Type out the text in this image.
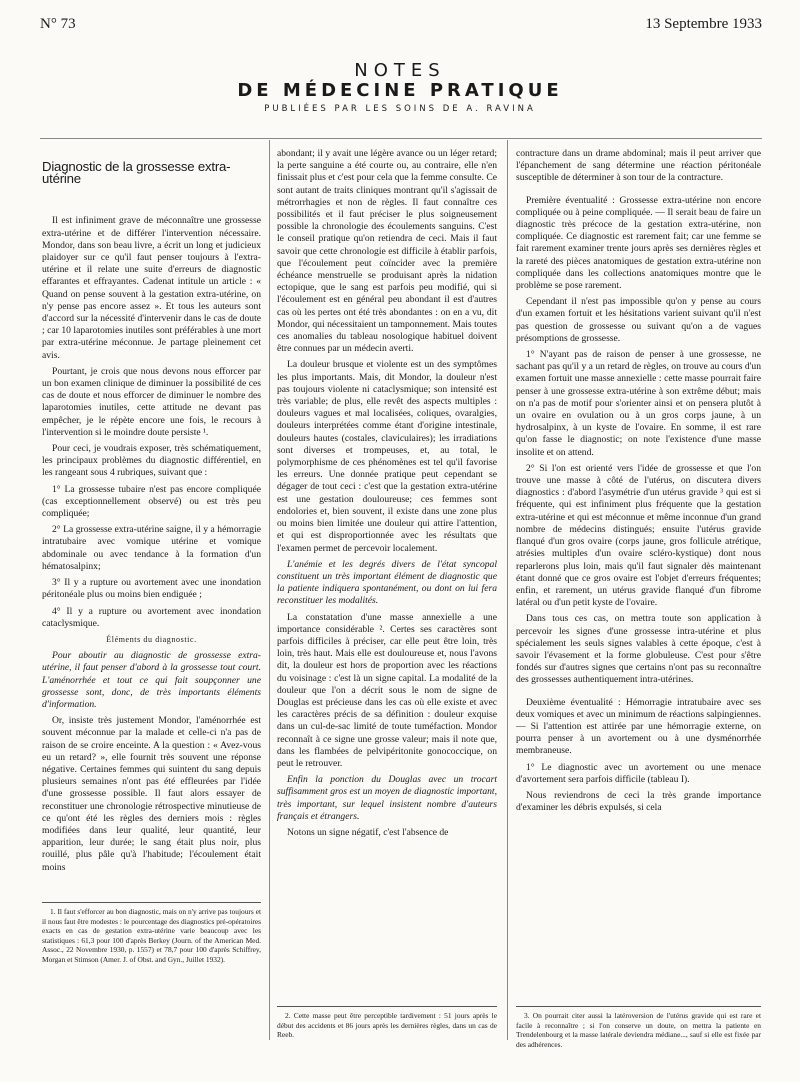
N° 73	13 Septembre 1933
NOTES
DE MÉDECINE PRATIQUE
PUBLIÉES PAR LES SOINS DE A. RAVINA
Diagnostic de la grossesse extra-utérine

Il est infiniment grave de méconnaître une grossesse extra-utérine et de différer l'intervention nécessaire. Mondor, dans son beau livre, a écrit un long et judicieux plaidoyer sur ce qu'il faut penser toujours à l'extra-utérine et il relate une suite d'erreurs de diagnostic effarantes et effrayantes. Cadenat intitule un article : « Quand on pense souvent à la gestation extra-utérine, on n'y pense pas encore assez ». Et tous les auteurs sont d'accord sur la nécessité d'intervenir dans le cas de doute ; car 10 laparotomies inutiles sont préférables à une mort par extra-utérine méconnue. Je partage pleinement cet avis.

Pourtant, je crois que nous devons nous efforcer par un bon examen clinique de diminuer la possibilité de ces cas de doute et nous efforcer de diminuer le nombre des laparotomies inutiles, cette attitude ne devant pas empêcher, je le répète encore une fois, le recours à l'intervention si le moindre doute persiste ¹.

Pour ceci, je voudrais exposer, très schématiquement, les principaux problèmes du diagnostic différentiel, en les rangeant sous 4 rubriques, suivant que :

1° La grossesse tubaire n'est pas encore compliquée (cas exceptionnellement observé) ou est très peu compliquée;

2° La grossesse extra-utérine saigne, il y a hémorragie intratubaire avec vomique utérine et vomique abdominale ou avec tendance à la formation d'un hématosalpinx;

3° Il y a rupture ou avortement avec une inondation péritonéale plus ou moins bien endiguée ;

4° Il y a rupture ou avortement avec inondation cataclysmique.

Éléments du diagnostic.

Pour aboutir au diagnostic de grossesse extra-utérine, il faut penser d'abord à la grossesse tout court. L'aménorrhée et tout ce qui fait soupçonner une grossesse sont, donc, de très importants éléments d'information.

Or, insiste très justement Mondor, l'aménorrhée est souvent méconnue par la malade et celle-ci n'a pas de raison de se croire enceinte. A la question : « Avez-vous eu un retard? », elle fournit très souvent une réponse négative. Certaines femmes qui suintent du sang depuis plusieurs semaines n'ont pas été effleurées par l'idée d'une grossesse possible. Il faut alors essayer de reconstituer une chronologie rétrospective minutieuse de ce qu'ont été les règles des derniers mois : règles modifiées dans leur qualité, leur quantité, leur apparition, leur durée; le sang était plus noir, plus rouillé, plus pâle qu'à l'habitude; l'écoulement était moins

abondant; il y avait une légère avance ou un léger retard; la perte sanguine a été courte ou, au contraire, elle n'en finissait plus et c'est pour cela que la femme consulte. Ce sont autant de traits cliniques montrant qu'il s'agissait de métrorrhagies et non de règles. Il faut connaître ces possibilités et il faut préciser le plus soigneusement possible la chronologie des écoulements sanguins. C'est le conseil pratique qu'on retiendra de ceci. Mais il faut savoir que cette chronologie est difficile à établir parfois, que l'écoulement peut coïncider avec la première échéance menstruelle se produisant après la nidation ectopique, que le sang est parfois peu modifié, qui si l'écoulement est en général peu abondant il est d'autres cas où les pertes ont été très abondantes : on en a vu, dit Mondor, qui nécessitaient un tamponnement. Mais toutes ces anomalies du tableau nosologique habituel doivent être connues par un médecin averti.

La douleur brusque et violente est un des symptômes les plus importants. Mais, dit Mondor, la douleur n'est pas toujours violente ni cataclysmique; son intensité est très variable; de plus, elle revêt des aspects multiples : douleurs vagues et mal localisées, coliques, ovaralgies, douleurs interprétées comme étant d'origine intestinale, douleurs hautes (costales, claviculaires); les irradiations sont diverses et trompeuses, et, au total, le polymorphisme de ces phénomènes est tel qu'il favorise les erreurs. Une donnée pratique peut cependant se dégager de tout ceci : c'est que la gestation extra-utérine est une gestation douloureuse; ces femmes sont endolories et, bien souvent, il existe dans une zone plus ou moins bien limitée une douleur qui attire l'attention, et qui est disproportionnée avec les résultats que l'examen permet de percevoir localement.

L'anémie et les degrés divers de l'état syncopal constituent un très important élément de diagnostic que la patiente indiquera spontanément, ou dont on lui fera reconstituer les modalités.

La constatation d'une masse annexielle a une importance considérable ². Certes ses caractères sont parfois difficiles à préciser, car elle peut être loin, très loin, très haut. Mais elle est douloureuse et, nous l'avons dit, la douleur est hors de proportion avec les réactions du voisinage : c'est là un signe capital. La modalité de la douleur que l'on a décrit sous le nom de signe de Douglas est précieuse dans les cas où elle existe et avec les caractères précis de sa définition : douleur exquise dans un cul-de-sac limité de toute tuméfaction. Mondor reconnaît à ce signe une grosse valeur; mais il note que, dans les flambées de pelvipéritonite gonococcique, on peut le retrouver.

Enfin la ponction du Douglas avec un trocart suffisamment gros est un moyen de diagnostic important, très important, sur lequel insistent nombre d'auteurs français et étrangers.

Notons un signe négatif, c'est l'absence de

contracture dans un drame abdominal; mais il peut arriver que l'épanchement de sang détermine une réaction péritonéale susceptible de déterminer à son tour de la contracture.

Première éventualité : Grossesse extra-utérine non encore compliquée ou à peine compliquée. — Il serait beau de faire un diagnostic très précoce de la gestation extra-utérine, non compliquée. Ce diagnostic est rarement fait; car une femme se fait rarement examiner trente jours après ses dernières règles et la rareté des pièces anatomiques de gestation extra-utérine non compliquée dans les collections anatomiques montre que le problème se pose rarement.

Cependant il n'est pas impossible qu'on y pense au cours d'un examen fortuit et les hésitations varient suivant qu'il n'est pas question de grossesse ou suivant qu'on a de vagues présomptions de grossesse.

1° N'ayant pas de raison de penser à une grossesse, ne sachant pas qu'il y a un retard de règles, on trouve au cours d'un examen fortuit une masse annexielle : cette masse pourrait faire penser à une grossesse extra-utérine à son extrême début; mais on n'a pas de motif pour s'orienter ainsi et on pensera plutôt à un ovaire en ovulation ou à un gros corps jaune, à un hydrosalpinx, à un kyste de l'ovaire. En somme, il est rare qu'on fasse le diagnostic; on note l'existence d'une masse insolite et on attend.

2° Si l'on est orienté vers l'idée de grossesse et que l'on trouve une masse à côté de l'utérus, on discutera divers diagnostics : d'abord l'asymétrie d'un utérus gravide ³ qui est si fréquente, qui est infiniment plus fréquente que la gestation extra-utérine et qui est méconnue et même inconnue d'un grand nombre de médecins distingués; ensuite l'utérus gravide flanqué d'un gros ovaire (corps jaune, gros follicule atrétique, atrésies multiples d'un ovaire scléro-kystique) dont nous reparlerons plus loin, mais qu'il faut signaler dès maintenant étant donné que ce gros ovaire est l'objet d'erreurs fréquentes; enfin, et rarement, un utérus gravide flanqué d'un fibrome latéral ou d'un petit kyste de l'ovaire.

Dans tous ces cas, on mettra toute son application à percevoir les signes d'une grossesse intra-utérine et plus spécialement les seuls signes valables à cette époque, c'est à savoir l'évasement et la forme globuleuse. C'est pour s'être fondés sur d'autres signes que certains n'ont pas su reconnaître des grossesses authentiquement intra-utérines.

Deuxième éventualité : Hémorragie intratubaire avec ses deux vomiques et avec un minimum de réactions salpingiennes. — Si l'attention est attirée par une hémorragie externe, on pourra penser à un avortement ou à une dysménorrhée membraneuse.

1° Le diagnostic avec un avortement ou une menace d'avortement sera parfois difficile (tableau I).

Nous reviendrons de ceci la très grande importance d'examiner les débris expulsés, si cela

1. Il faut s'efforcer au bon diagnostic, mais on n'y arrive pas toujours et il nous faut être modestes : le pourcentage des diagnostics pré-opératoires exacts en cas de gestation extra-utérine varie beaucoup avec les statistiques : 61,3 pour 100 d'après Berkey (Journ. of the American Med. Assoc., 22 Novembre 1930, p. 1557) et 78,7 pour 100 d'après Schiffrey, Morgan et Stimson (Amer. J. of Obst. and Gyn., Juillet 1932).

2. Cette masse peut être perceptible tardivement : 51 jours après le début des accidents et 86 jours après les dernières règles, dans un cas de Reeb.

3. On pourrait citer aussi la latéroversion de l'utérus gravide qui est rare et facile à reconnaître ; si l'on conserve un doute, on mettra la patiente en Trendelenbourg et la masse latérale deviendra médiane..., sauf si elle est fixée par des adhérences.
